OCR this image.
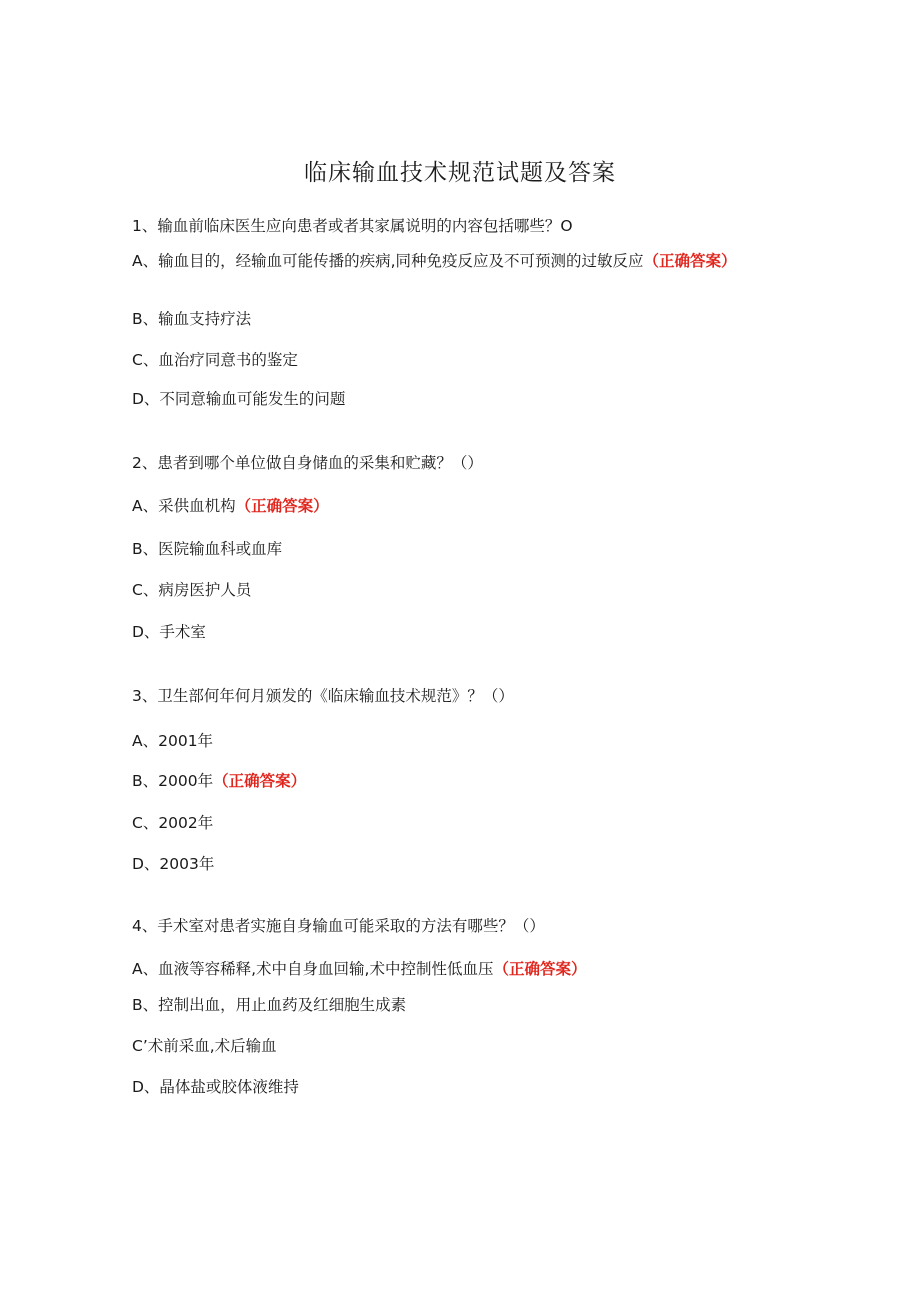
临床输血技术规范试题及答案
1、输血前临床医生应向患者或者其家属说明的内容包括哪些？O
A、输血目的，经输血可能传播的疾病,同种免疫反应及不可预测的过敏反应（正确答案）
B、输血支持疗法
C、血治疗同意书的鉴定
D、不同意输血可能发生的问题
2、患者到哪个单位做自身储血的采集和贮藏？（）
A、采供血机构（正确答案）
B、医院输血科或血库
C、病房医护人员
D、手术室
3、卫生部何年何月颁发的《临床输血技术规范》？（）
A、2001年
B、2000年（正确答案）
C、2002年
D、2003年
4、手术室对患者实施自身输血可能采取的方法有哪些？（）
A、血液等容稀释,术中自身血回输,术中控制性低血压（正确答案）
B、控制出血，用止血药及红细胞生成素
C’术前采血,术后输血
D、晶体盐或胶体液维持
